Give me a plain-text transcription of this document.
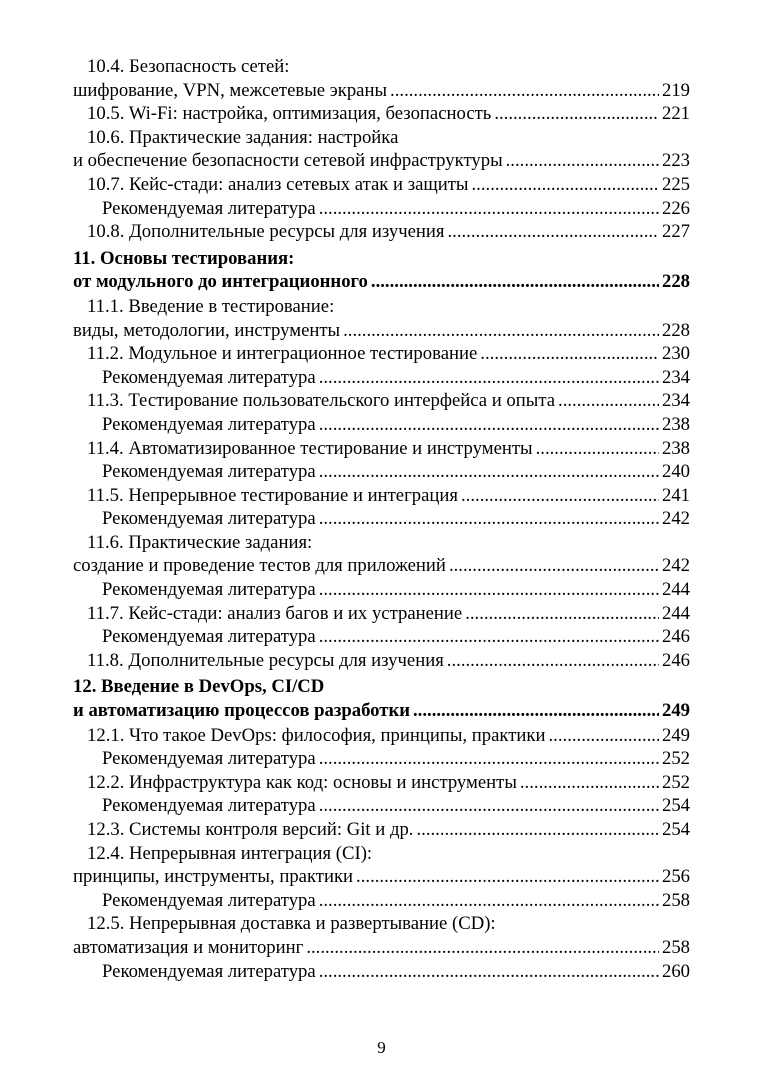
10.4. Безопасность сетей:
шифрование, VPN, межсетевые экраны .....	219
10.5. Wi-Fi: настройка, оптимизация, безопасность .....	221
10.6. Практические задания: настройка
и обеспечение безопасности сетевой инфраструктуры .....	223
10.7. Кейс-стади: анализ сетевых атак и защиты .....	225
Рекомендуемая литература .....	226
10.8. Дополнительные ресурсы для изучения .....	227
11. Основы тестирования:
от модульного до интеграционного .....	228
11.1. Введение в тестирование:
виды, методологии, инструменты .....	228
11.2. Модульное и интеграционное тестирование .....	230
Рекомендуемая литература .....	234
11.3. Тестирование пользовательского интерфейса и опыта .....	234
Рекомендуемая литература .....	238
11.4. Автоматизированное тестирование и инструменты .....	238
Рекомендуемая литература .....	240
11.5. Непрерывное тестирование и интеграция .....	241
Рекомендуемая литература .....	242
11.6. Практические задания:
создание и проведение тестов для приложений .....	242
Рекомендуемая литература .....	244
11.7. Кейс-стади: анализ багов и их устранение .....	244
Рекомендуемая литература .....	246
11.8. Дополнительные ресурсы для изучения .....	246
12. Введение в DevOps, CI/CD
и автоматизацию процессов разработки .....	249
12.1. Что такое DevOps: философия, принципы, практики .....	249
Рекомендуемая литература .....	252
12.2. Инфраструктура как код: основы и инструменты .....	252
Рекомендуемая литература .....	254
12.3. Системы контроля версий: Git и др. .....	254
12.4. Непрерывная интеграция (CI):
принципы, инструменты, практики .....	256
Рекомендуемая литература .....	258
12.5. Непрерывная доставка и развертывание (CD):
автоматизация и мониторинг .....	258
Рекомендуемая литература .....	260
9
